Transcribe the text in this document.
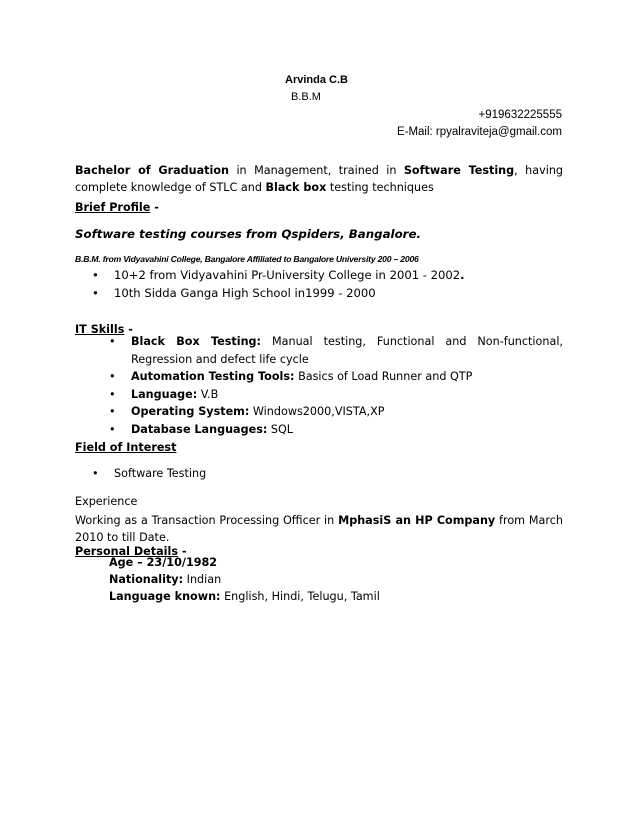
Arvinda C.B
B.B.M
+919632225555
E-Mail: rpyalraviteja@gmail.com
Bachelor of Graduation in Management, trained in Software Testing, having complete knowledge of STLC and Black box testing techniques
Brief Profile -
Software testing courses from Qspiders, Bangalore.
B.B.M. from Vidyavahini College, Bangalore Affiliated to Bangalore University 200 – 2006
• 10+2 from Vidyavahini Pr-University College in 2001 - 2002.
• 10th Sidda Ganga High School in1999 - 2000
IT Skills -
• Black Box Testing: Manual testing, Functional and Non-functional, Regression and defect life cycle
• Automation Testing Tools: Basics of Load Runner and QTP
• Language: V.B
• Operating System: Windows2000,VISTA,XP
• Database Languages: SQL
Field of Interest
• Software Testing
Experience
Working as a Transaction Processing Officer in MphasiS an HP Company from March 2010 to till Date.
Personal Details -
Age – 23/10/1982
Nationality: Indian
Language known: English, Hindi, Telugu, Tamil
